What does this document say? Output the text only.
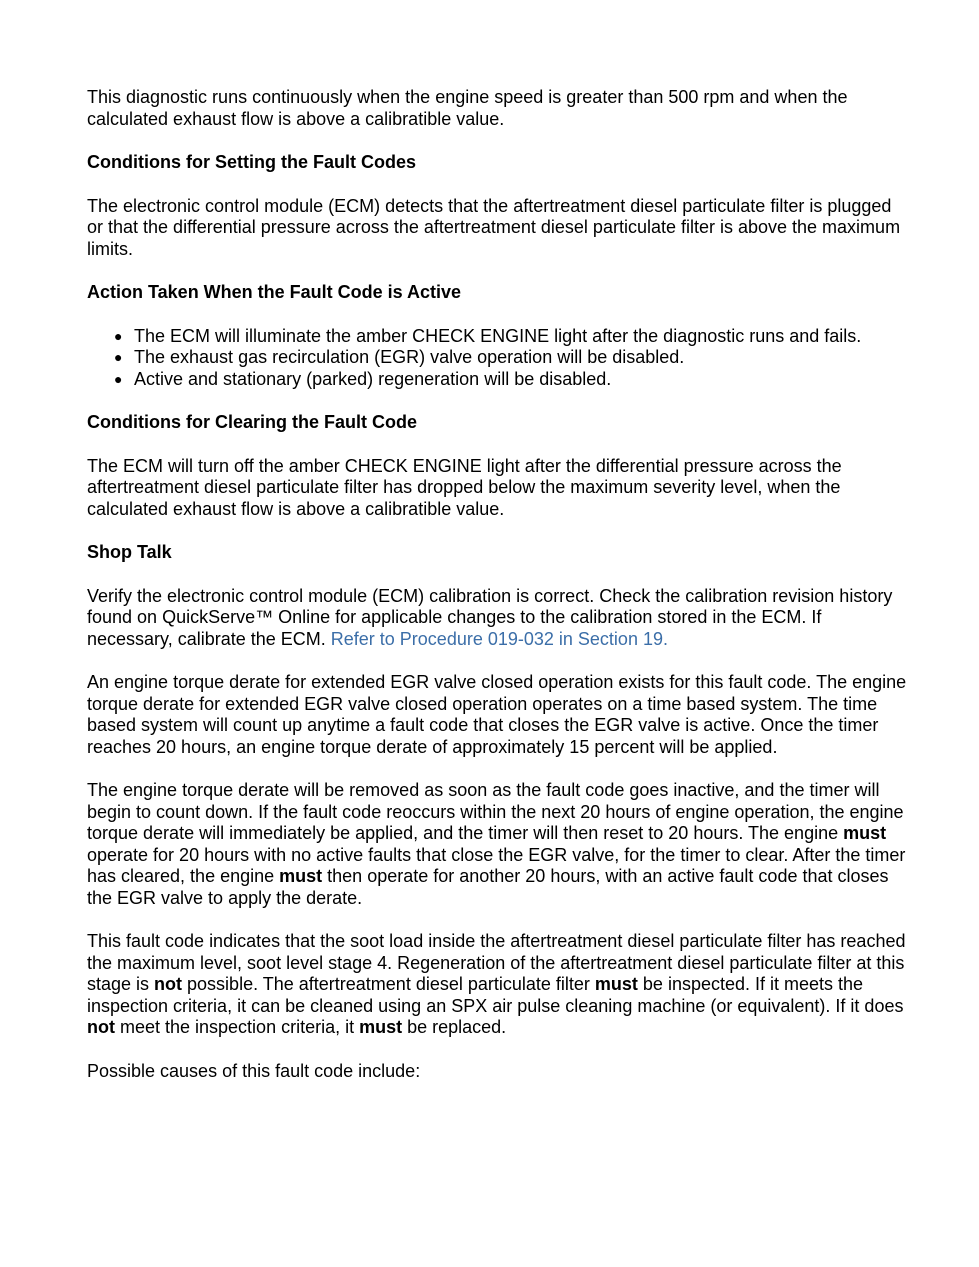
This diagnostic runs continuously when the engine speed is greater than 500 rpm and when the calculated exhaust flow is above a calibratible value.

Conditions for Setting the Fault Codes

The electronic control module (ECM) detects that the aftertreatment diesel particulate filter is plugged or that the differential pressure across the aftertreatment diesel particulate filter is above the maximum limits.

Action Taken When the Fault Code is Active
● The ECM will illuminate the amber CHECK ENGINE light after the diagnostic runs and fails.
● The exhaust gas recirculation (EGR) valve operation will be disabled.
● Active and stationary (parked) regeneration will be disabled.
Conditions for Clearing the Fault Code

The ECM will turn off the amber CHECK ENGINE light after the differential pressure across the aftertreatment diesel particulate filter has dropped below the maximum severity level, when the calculated exhaust flow is above a calibratible value.

Shop Talk

Verify the electronic control module (ECM) calibration is correct. Check the calibration revision history found on QuickServe™ Online for applicable changes to the calibration stored in the ECM. If necessary, calibrate the ECM. Refer to Procedure 019-032 in Section 19.

An engine torque derate for extended EGR valve closed operation exists for this fault code. The engine torque derate for extended EGR valve closed operation operates on a time based system. The time based system will count up anytime a fault code that closes the EGR valve is active. Once the timer reaches 20 hours, an engine torque derate of approximately 15 percent will be applied.

The engine torque derate will be removed as soon as the fault code goes inactive, and the timer will begin to count down. If the fault code reoccurs within the next 20 hours of engine operation, the engine torque derate will immediately be applied, and the timer will then reset to 20 hours. The engine must operate for 20 hours with no active faults that close the EGR valve, for the timer to clear. After the timer has cleared, the engine must then operate for another 20 hours, with an active fault code that closes the EGR valve to apply the derate.

This fault code indicates that the soot load inside the aftertreatment diesel particulate filter has reached the maximum level, soot level stage 4. Regeneration of the aftertreatment diesel particulate filter at this stage is not possible. The aftertreatment diesel particulate filter must be inspected. If it meets the inspection criteria, it can be cleaned using an SPX air pulse cleaning machine (or equivalent). If it does not meet the inspection criteria, it must be replaced.

Possible causes of this fault code include:
